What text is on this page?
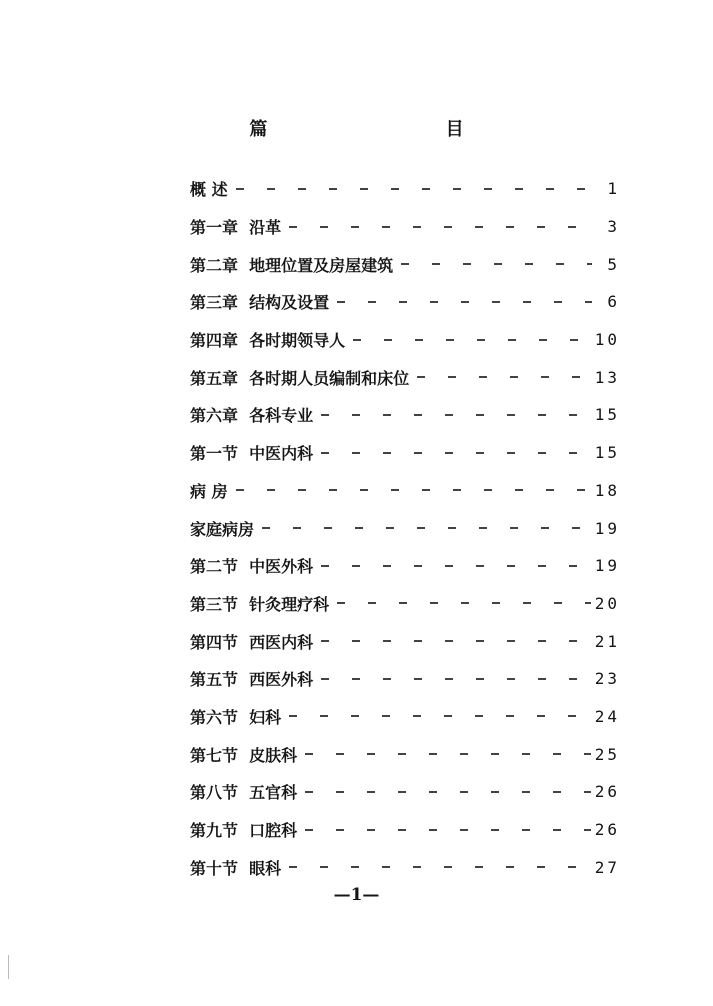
篇 目
概 述	1
第一章  沿革	3
第二章  地理位置及房屋建筑	5
第三章  结构及设置	6
第四章  各时期领导人	10
第五章  各时期人员编制和床位	13
第六章  各科专业	15
第一节  中医内科	15
病 房	18
家庭病房	19
第二节  中医外科	19
第三节  针灸理疗科	20
第四节  西医内科	21
第五节  西医外科	23
第六节  妇科	24
第七节  皮肤科	25
第八节  五官科	26
第九节  口腔科	26
第十节  眼科	27
—1—
